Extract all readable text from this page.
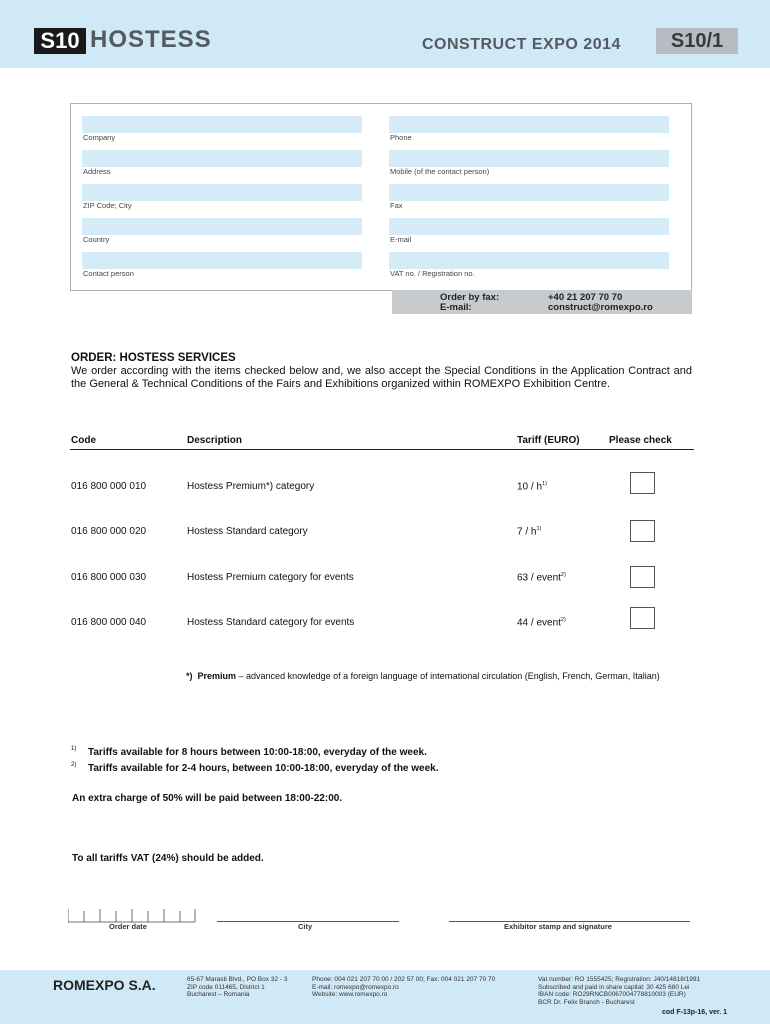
S10 HOSTESS	CONSTRUCT EXPO 2014	S10/1
Company	Phone
Address	Mobile (of the contact person)
ZIP Code; City	Fax
Country	E-mail
Contact person	VAT no. / Registration no.
Order by fax:	+40 21 207 70 70
E-mail:	construct@romexpo.ro
ORDER: HOSTESS SERVICES
We order according with the items checked below and, we also accept the Special Conditions in the Application Contract and the General & Technical Conditions of the Fairs and Exhibitions organized within ROMEXPO Exhibition Centre.
Code	Description	Tariff (EURO)	Please check
016 800 000 010	Hostess Premium*) category	$10 / h^{1)}$
016 800 000 020	Hostess Standard category	$7 / h^{1)}$
016 800 000 030	Hostess Premium category for events	63 / event$^{2)}$
016 800 000 040	Hostess Standard category for events	44 / event$^{2)}$
*) Premium – advanced knowledge of a foreign language of international circulation (English, French, German, Italian)
1) Tariffs available for 8 hours between 10:00-18:00, everyday of the week.
2) Tariffs available for 2-4 hours, between 10:00-18:00, everyday of the week.
An extra charge of 50% will be paid between 18:00-22:00.
To all tariffs VAT (24%) should be added.
Order date	City	Exhibitor stamp and signature
ROMEXPO S.A.	65-67 Marasti Blvd., PO Box 32 - 3
ZIP code 011465, District 1
Bucharest – Romania
Phone: 004 021 207 70 00 / 202 57 00; Fax: 004 021 207 70 70
E-mail: romexpo@romexpo.ro
Website: www.romexpo.ro
Vat number: RO 1555425; Registration: J40/14818/1991
Subscribed and paid in share capital: 30 425 680 Lei
IBAN code: RO29RNCB0067004778810003 (EUR)
BCR Dr. Felix Branch - Bucharest
cod F-13p-16, ver. 1
